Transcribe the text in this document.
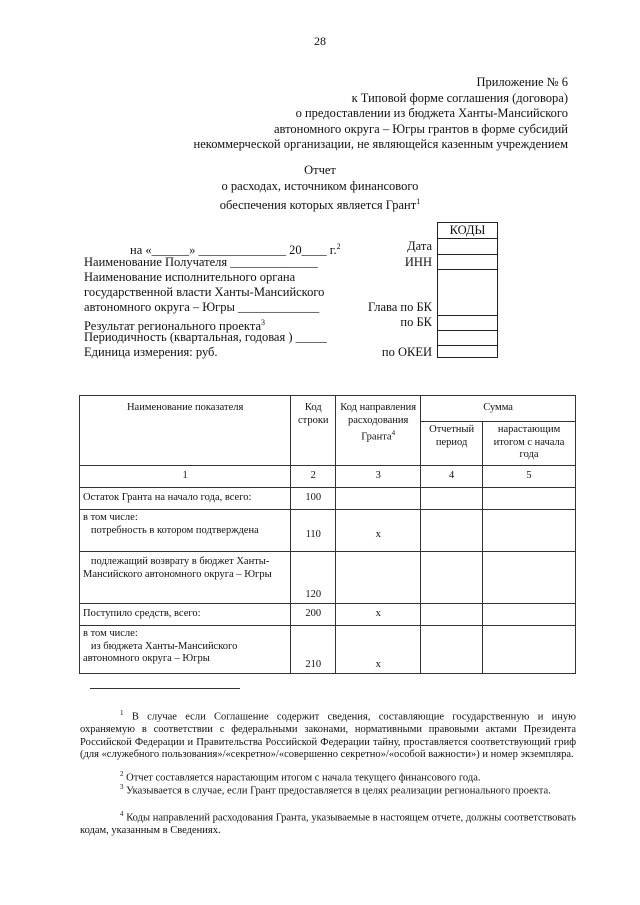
28
Приложение № 6
к Типовой форме соглашения (договора)
о предоставлении из бюджета Ханты-Мансийского
автономного округа – Югры грантов в форме субсидий
некоммерческой организации, не являющейся казенным учреждением
Отчет
о расходах, источником финансового
обеспечения которых является Грант$^1$
на «______» ______________ 20____ г.$^2$
Наименование Получателя ______________
Наименование исполнительного органа
государственной власти Ханты-Мансийского
автономного округа – Югры _____________
Результат регионального проекта$^3$
Периодичность (квартальная, годовая ) _____
Единица измерения: руб.
Дата
ИНН
Глава по БК
по БК
по ОКЕИ
КОДЫ
Наименование показателя	Код строки	Код направления расходования Гранта$^4$	Сумма	
			Отчетный период	нарастающим итогом с начала года
1	2	3	4	5
Остаток Гранта на начало года, всего:	100			
в том числе:
потребность в котором подтверждена	110	x		
подлежащий возврату в бюджет Ханты-Мансийского автономного округа – Югры	120			
Поступило средств, всего:	200	x		
в том числе:
из бюджета Ханты-Мансийского автономного округа – Югры	210	x		
$^1$ В случае если Соглашение содержит сведения, составляющие государственную и иную охраняемую в соответствии с федеральными законами, нормативными правовыми актами Президента Российской Федерации и Правительства Российской Федерации тайну, проставляется соответствующий гриф (для «служебного пользования»/«секретно»/«совершенно секретно»/«особой важности») и номер экземпляра.
$^2$ Отчет составляется нарастающим итогом с начала текущего финансового года.
$^3$ Указывается в случае, если Грант предоставляется в целях реализации регионального проекта.
$^4$ Коды направлений расходования Гранта, указываемые в настоящем отчете, должны соответствовать кодам, указанным в Сведениях.
